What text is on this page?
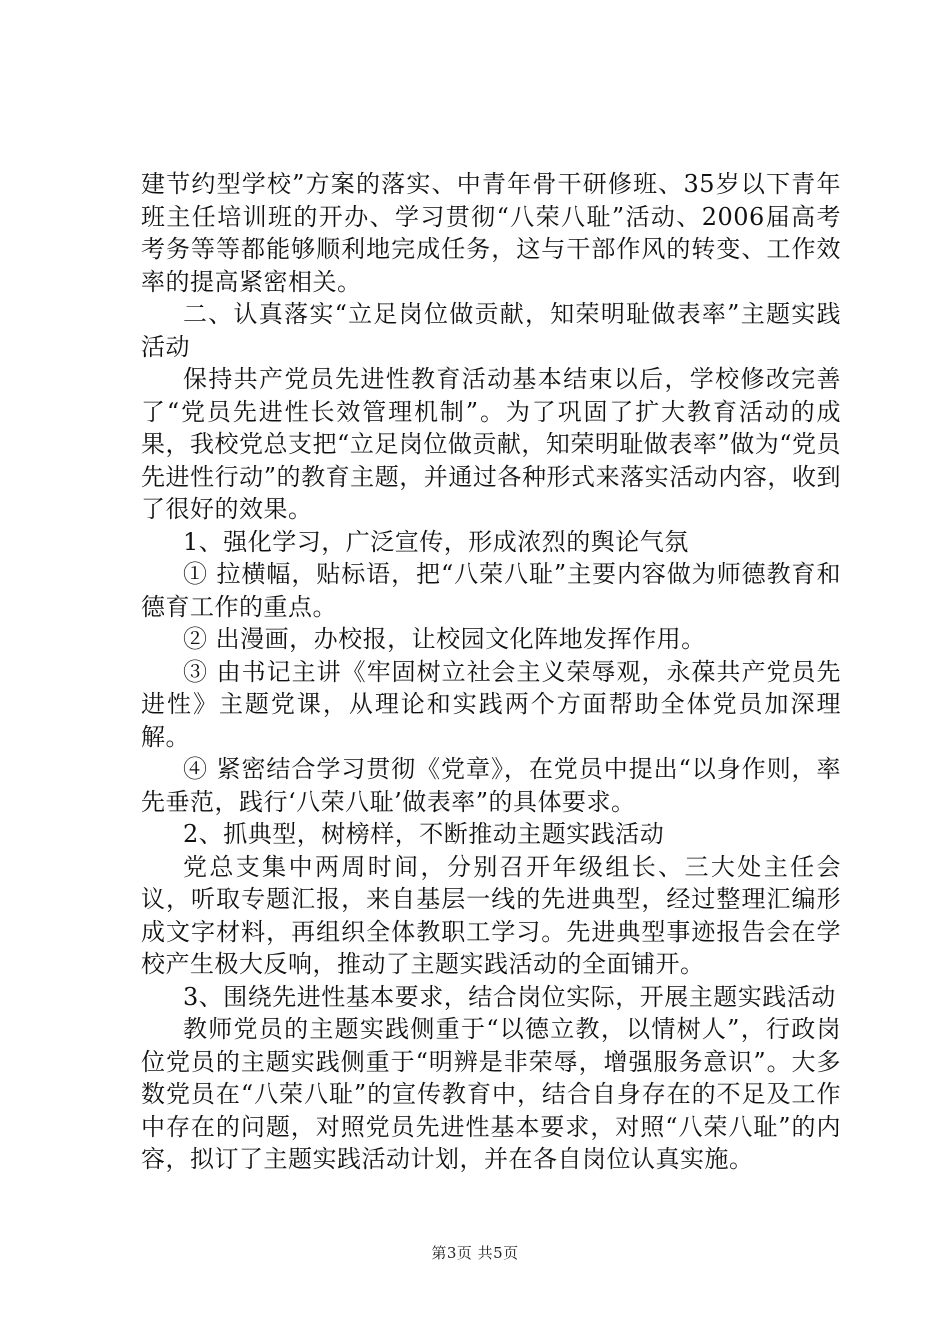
建节约型学校”方案的落实、中青年骨干研修班、35岁以下青年班主任培训班的开办、学习贯彻“八荣八耻”活动、2006届高考考务等等都能够顺利地完成任务，这与干部作风的转变、工作效率的提高紧密相关。

二、认真落实“立足岗位做贡献，知荣明耻做表率”主题实践活动

保持共产党员先进性教育活动基本结束以后，学校修改完善了“党员先进性长效管理机制”。为了巩固了扩大教育活动的成果，我校党总支把“立足岗位做贡献，知荣明耻做表率”做为“党员先进性行动”的教育主题，并通过各种形式来落实活动内容，收到了很好的效果。

1、强化学习，广泛宣传，形成浓烈的舆论气氛

① 拉横幅，贴标语，把“八荣八耻”主要内容做为师德教育和德育工作的重点。

② 出漫画，办校报，让校园文化阵地发挥作用。

③ 由书记主讲《牢固树立社会主义荣辱观，永葆共产党员先进性》主题党课，从理论和实践两个方面帮助全体党员加深理解。

④ 紧密结合学习贯彻《党章》，在党员中提出“以身作则，率先垂范，践行‘八荣八耻’做表率”的具体要求。

2、抓典型，树榜样，不断推动主题实践活动

党总支集中两周时间，分别召开年级组长、三大处主任会议，听取专题汇报，来自基层一线的先进典型，经过整理汇编形成文字材料，再组织全体教职工学习。先进典型事迹报告会在学校产生极大反响，推动了主题实践活动的全面铺开。

3、围绕先进性基本要求，结合岗位实际，开展主题实践活动

教师党员的主题实践侧重于“以德立教，以情树人”，行政岗位党员的主题实践侧重于“明辨是非荣辱，增强服务意识”。大多数党员在“八荣八耻”的宣传教育中，结合自身存在的不足及工作中存在的问题，对照党员先进性基本要求，对照“八荣八耻”的内容，拟订了主题实践活动计划，并在各自岗位认真实施。

第3页 共5页
